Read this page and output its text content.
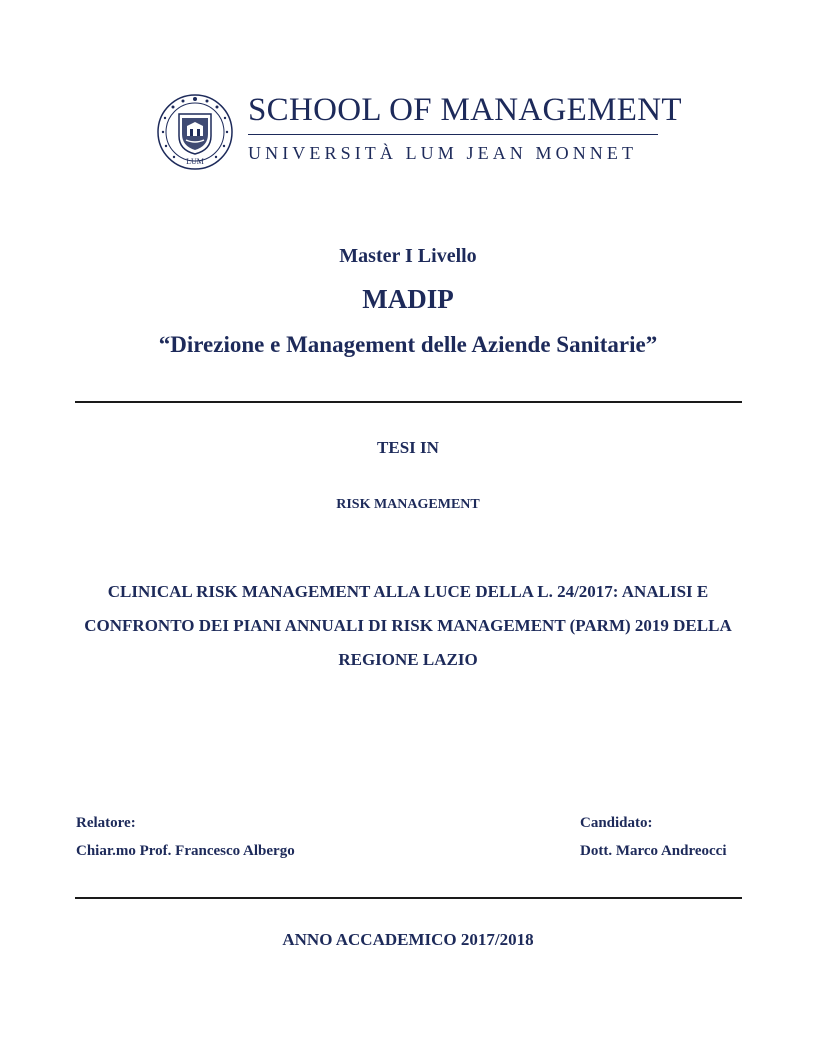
LUM
SCHOOL OF MANAGEMENT
UNIVERSITÀ LUM JEAN MONNET
Master I Livello
MADIP
“Direzione e Management delle Aziende Sanitarie”
TESI IN
RISK MANAGEMENT
CLINICAL RISK MANAGEMENT ALLA LUCE DELLA L. 24/2017: ANALISI E CONFRONTO DEI PIANI ANNUALI DI RISK MANAGEMENT (PARM) 2019 DELLA REGIONE LAZIO
Relatore:
Chiar.mo Prof. Francesco Albergo
Candidato:
Dott. Marco Andreocci
ANNO ACCADEMICO 2017/2018
